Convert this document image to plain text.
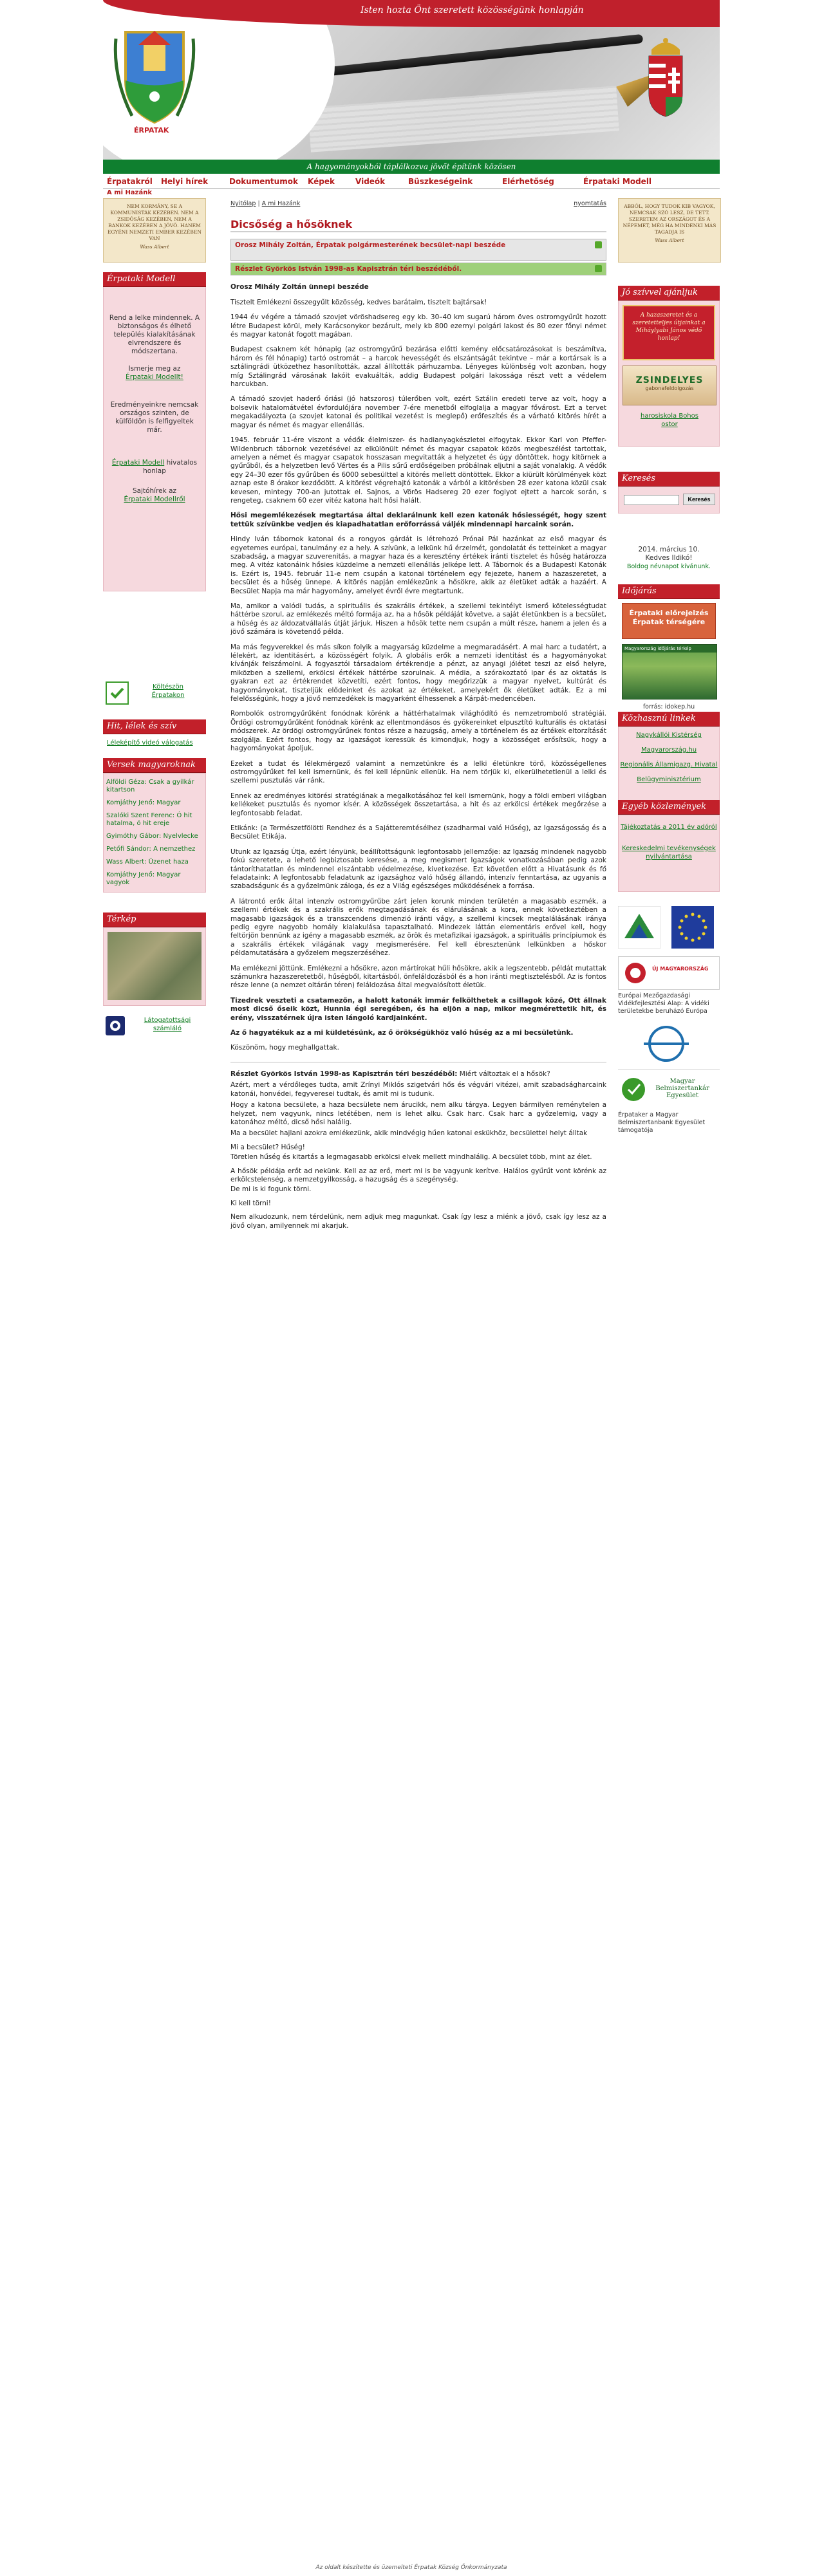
Isten hozta Önt szeretett közösségünk honlapján
ÉRPATAK
A hagyományokból táplálkozva jövőt építünk közösen
Érpatakról Helyi hírek	Dokumentumok Képek	Videók	Büszkeségeink	Elérhetőség	Érpataki Modell
A mi Hazánk
NEM KORMÁNY, SE A KOMMUNISTÁK KEZÉBEN. NEM A ZSIDÓSÁG KEZÉBEN, NEM A BANKOK KEZÉBEN A JÖVŐ. HANEM EGYÉNI NEMZETI EMBER KEZÉBEN VAN
Wass Albert
Érpataki Modell
Rend a lelke mindennek. A biztonságos és élhető település kialakításának elvrendszere és módszertana.
Ismerje meg az
Érpataki Modellt!
Eredményeinkre nemcsak országos szinten, de külföldön is felfigyeltek már.
Érpataki Modell hivatalos honlap
Sajtóhírek az
Érpataki Modellről
Költészön Érpatakon
Hit, lélek és szív
Léleképítő videó válogatás
Versek magyaroknak
Alföldi Géza: Csak a gyilkár kitartson
Komjáthy Jenő: Magyar
Szalóki Szent Ferenc: Ó hit hatalma, ó hit ereje
Gyimóthy Gábor: Nyelvlecke
Petőfi Sándor: A nemzethez
Wass Albert: Üzenet haza
Komjáthy Jenő: Magyar vagyok
Térkép
Látogatottsági számláló
Nyitólap | A mi Hazánk	nyomtatás
Dicsőség a hősöknek
Orosz Mihály Zoltán, Érpatak polgármesterének becsület-napi beszéde
Részlet Györkös István 1998-as Kapisztrán téri beszédéből.

Orosz Mihály Zoltán ünnepi beszéde

Tisztelt Emlékezni összegyűlt közösség, kedves barátaim, tisztelt bajtársak!

1944 év végére a támadó szovjet vöröshadsereg egy kb. 30–40 km sugarú három öves ostromgyűrűt hozott létre Budapest körül, mely Karácsonykor bezárult, mely kb 800 ezernyi polgári lakost és 80 ezer főnyi német és magyar katonát fogott magában.

Budapest csaknem két hónapig (az ostromgyűrű bezárása előtti kemény előcsatározásokat is beszámítva, három és fél hónapig) tartó ostromát – a harcok hevességét és elszántságát tekintve – már a kortársak is a sztálingrádi ütközethez hasonlították, azzal állították párhuzamba. Lényeges különbség volt azonban, hogy míg Sztálingrád városának lakóit evakuálták, addig Budapest polgári lakossága részt vett a védelem harcukban.

A támadó szovjet haderő óriási (jó hatszoros) túlerőben volt, ezért Sztálin eredeti terve az volt, hogy a bolsevik hatalomátvétel évfordulójára november 7-ére menetből elfoglalja a magyar fővárost. Ezt a tervet megakadályozta (a szovjet katonai és politikai vezetést is meglepő) erőfeszítés és a várható kitörés hírét a magyar és német és magyar ellenállás.

1945. február 11-ére viszont a védők élelmiszer- és hadianyagkészletei elfogytak. Ekkor Karl von Pfeffer-Wildenbruch tábornok vezetésével az elkülönült német és magyar csapatok közös megbeszélést tartottak, amelyen a német és magyar csapatok hosszasan megvitatták a helyzetet és úgy döntöttek, hogy kitörnek a gyűrűből, és a helyzetben levő Vértes és a Pilis sűrű erdőségeiben próbálnak eljutni a saját vonalakig. A védők egy 24–30 ezer fős gyűrűben és 6000 sebesülttel a kitörés mellett döntöttek. Ekkor a kiürült körülmények közt aznap este 8 órakor kezdődött. A kitörést végrehajtó katonák a várból a kitörésben 28 ezer katona közül csak kevesen, mintegy 700-an jutottak el. Sajnos, a Vörös Hadsereg 20 ezer foglyot ejtett a harcok során, s rengeteg, csaknem 60 ezer vitéz katona halt hősi halált.

Hősi megemlékezések megtartása által deklarálnunk kell ezen katonák hősiességét, hogy szent tettük szívünkbe vedjen és kiapadhatatlan erőforrássá váljék mindennapi harcaink során.

Hindy Iván tábornok katonai és a rongyos gárdát is létrehozó Prónai Pál hazánkat az első magyar és egyetemes európai, tanulmány ez a hely. A szívünk, a lelkünk hű érzelmét, gondolatát és tetteinket a magyar szabadság, a magyar szuverenitás, a magyar haza és a keresztény értékek iránti tisztelet és hűség határozza meg. A vitéz katonáink hősies küzdelme a nemzeti ellenállás jelképe lett. A Tábornok és a Budapesti Katonák is. Ezért is, 1945. február 11-e nem csupán a katonai történelem egy fejezete, hanem a hazaszeretet, a becsület és a hűség ünnepe. A kitörés napján emlékezünk a hősökre, akik az életüket adták a hazáért. A Becsület Napja ma már hagyomány, amelyet évről évre megtartunk.

Ma, amikor a valódi tudás, a spirituális és szakrális értékek, a szellemi tekintélyt ismerő kötelességtudat háttérbe szorul, az emlékezés méltó formája az, ha a hősök példáját követve, a saját életünkben is a becsület, a hűség és az áldozatvállalás útját járjuk. Hiszen a hősök tette nem csupán a múlt része, hanem a jelen és a jövő számára is követendő példa.

Ma más fegyverekkel és más síkon folyik a magyarság küzdelme a megmaradásért. A mai harc a tudatért, a lélekért, az identitásért, a közösségért folyik. A globális erők a nemzeti identitást és a hagyományokat kívánják felszámolni. A fogyasztói társadalom értékrendje a pénzt, az anyagi jólétet teszi az első helyre, miközben a szellemi, erkölcsi értékek háttérbe szorulnak. A média, a szórakoztató ipar és az oktatás is gyakran ezt az értékrendet közvetíti, ezért fontos, hogy megőrizzük a magyar nyelvet, kultúrát és hagyományokat, tiszteljük elődeinket és azokat az értékeket, amelyekért ők életüket adták. Ez a mi felelősségünk, hogy a jövő nemzedékek is magyarként élhessenek a Kárpát-medencében.

Rombolók ostromgyűrűként fonódnak körénk a háttérhatalmak világhódító és nemzetromboló stratégiái. Ördögi ostromgyűrűként fonódnak körénk az ellentmondásos és gyökereinket elpusztító kulturális és oktatási módszerek. Az ördögi ostromgyűrűnek fontos része a hazugság, amely a történelem és az értékek eltorzítását szolgálja. Ezért fontos, hogy az igazságot keressük és kimondjuk, hogy a közösséget erősítsük, hogy a hagyományokat ápoljuk.

Ezeket a tudat és lélekmérgező valamint a nemzetünkre és a lelki életünkre törő, közösségellenes ostromgyűrűket fel kell ismernünk, és fel kell lépnünk ellenük. Ha nem törjük ki, elkerülhetetlenül a lelki és szellemi pusztulás vár ránk.

Ennek az eredményes kitörési stratégiának a megalkotásához fel kell ismernünk, hogy a földi emberi világban kellékeket pusztulás és nyomor kísér. A közösségek összetartása, a hit és az erkölcsi értékek megőrzése a legfontosabb feladat.

Etikánk: (a Természetfölötti Rendhez és a Sajátteremtésélhez (szadharmai való Hűség), az Igazságosság és a Becsület Etikája.

Utunk az Igazság Útja, ezért lényünk, beállítottságunk legfontosabb jellemzője: az Igazság mindenek nagyobb fokú szeretete, a lehető legbiztosabb keresése, a meg megismert Igazságok vonatkozásában pedig azok tántoríthatatlan és mindennel elszántabb védelmezése, kivetkezése. Ezt követően előtt a Hivatásunk és fő feladataink: A legfontosabb feladatunk az igazsághoz való hűség állandó, intenzív fenntartása, az ugyanis a szabadságunk és a győzelmünk záloga, és ez a Világ egészséges működésének a forrása.

A látrontó erők által intenzív ostromgyűrűbe zárt jelen korunk minden területén a magasabb eszmék, a szellemi értékek és a szakrális erők megtagadásának és elárulásának a kora, ennek következtében a magasabb igazságok és a transzcendens dimenzió iránti vágy, a szellemi kincsek megtalálásának iránya pedig egyre nagyobb homály kialakulása tapasztalható. Mindezek láttán elementáris erővel kell, hogy feltörjön bennünk az igény a magasabb eszmék, az örök és metafizikai igazságok, a spirituális princípiumok és a szakrális értékek világának vagy megismerésére. Fel kell ébresztenünk lelkünkben a hőskor példamutatására a győzelem megszerzéséhez.

Ma emlékezni jöttünk. Emlékezni a hősökre, azon mártírokat hűli hősökre, akik a legszentebb, példát mutattak számunkra hazaszeretetből, hűségből, kitartásból, önfeláldozásból és a hon iránti megtisztelésből. Az is fontos része lenne (a nemzet oltárán téren) feláldozása által megvalósított életük.

Tizedrek veszteti a csatamezőn, a halott katonák immár felkölthetek a csillagok közé, Ott állnak most dicső őseik közt, Hunnia égi seregében, és ha eljön a nap, mikor megmérettetik hit, és erény, visszatérnek újra isten lángoló kardjainként.

Az ő hagyatékuk az a mi küldetésünk, az ő örökségükhöz való hűség az a mi becsületünk.

Köszönöm, hogy meghallgattak.

Részlet Györkös István 1998-as Kapisztrán téri beszédéből: Miért változtak el a hősök?

Azért, mert a vérdőleges tudta, amit Zrínyi Miklós szigetvári hős és végvári vitézei, amit szabadságharcaink katonái, honvédei, fegyveresei tudtak, és amit mi is tudunk.

Hogy a katona becsülete, a haza becsülete nem árucikk, nem alku tárgya. Legyen bármilyen reménytelen a helyzet, nem vagyunk, nincs letétében, nem is lehet alku. Csak harc. Csak harc a győzelemig, vagy a katonához méltó, dicső hősi halálig.

Ma a becsület hajlani azokra emlékezünk, akik mindvégig hűen katonai eskükhöz, becsülettel helyt álltak

Mi a becsület? Hűség!

Töretlen hűség és kitartás a legmagasabb erkölcsi elvek mellett mindhalálig. A becsület több, mint az élet.

A hősök példája erőt ad nekünk. Kell az az erő, mert mi is be vagyunk kerítve. Halálos gyűrűt vont körénk az erkölcstelenség, a nemzetgyilkosság, a hazugság és a szegénység.

De mi is ki fogunk törni.

Ki kell törni!

Nem alkudozunk, nem térdelünk, nem adjuk meg magunkat. Csak így lesz a miénk a jövő, csak így lesz az a jövő olyan, amilyennek mi akarjuk.

ABBÓL, HOGY TUDOK KIB VAGYOK, NEMCSAK SZÓ LESZ, DE TETT. SZERETEM AZ ORSZÁGOT ÉS A NÉPEMET, MÉG HA MINDENKI MÁS TAGADJA IS
Wass Albert
Jó szívvel ajánljuk
A hazaszeretet és a szeretetteljes útjainkat a Miháylyabi János védő honlap!
ZSINDELYES
gabonafeldolgozás
harosiskola Bohos ostor
Keresés
Keresés
2014. március 10.
Kedves Ildikó!
Boldog névnapot kívánunk.
Időjárás
Érpataki előrejelzés Érpatak térségére
Magyarország időjárás térkép
forrás: idokep.hu
Közhasznú linkek
Nagykállói Kistérség
Magyarország.hu
Regionális Államigazg. Hivatal
Belügyminisztérium
Egyéb közlemények
Tájékoztatás a 2011 év adóról
Kereskedelmi tevékenységek nyilvántartása

ÚJ MAGYARORSZÁG
Európai Mezőgazdasági Vidékfejlesztési Alap: A vidéki területekbe beruházó Európa
Magyar Belmiszertankár Egyesület
Érpataker a Magyar Belmiszertanbank Egyesület támogatója
Az oldalt készítette és üzemelteti Érpatak Község Önkormányzata
